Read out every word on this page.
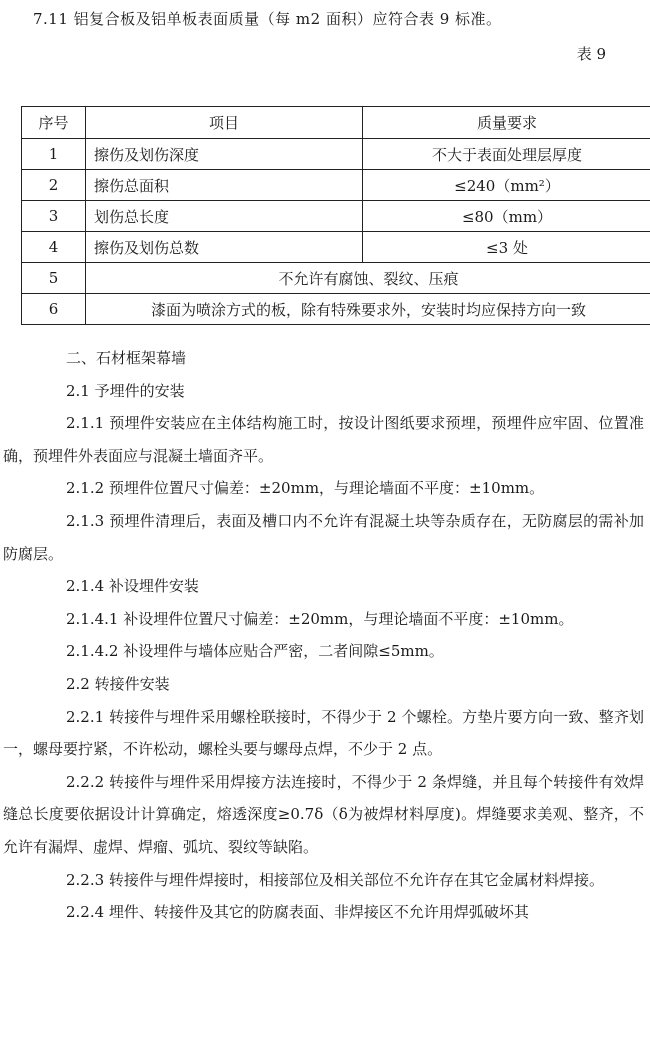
7.11 铝复合板及铝单板表面质量（每 m2 面积）应符合表 9 标准。
表 9
序号	项目	质量要求
1	擦伤及划伤深度	不大于表面处理层厚度
2	擦伤总面积	≤240（mm²）
3	划伤总长度	≤80（mm）
4	擦伤及划伤总数	≤3 处
5	不允许有腐蚀、裂纹、压痕	
6	漆面为喷涂方式的板，除有特殊要求外，安装时均应保持方向一致	

二、石材框架幕墙

2.1 予埋件的安装

2.1.1 预埋件安装应在主体结构施工时，按设计图纸要求预埋，预埋件应牢固、位置准确，预埋件外表面应与混凝土墙面齐平。

2.1.2 预埋件位置尺寸偏差：±20mm，与理论墙面不平度：±10mm。

2.1.3 预埋件清理后，表面及槽口内不允许有混凝土块等杂质存在，无防腐层的需补加防腐层。

2.1.4 补设埋件安装

2.1.4.1 补设埋件位置尺寸偏差：±20mm，与理论墙面不平度：±10mm。

2.1.4.2 补设埋件与墙体应贴合严密，二者间隙≤5mm。

2.2 转接件安装

2.2.1 转接件与埋件采用螺栓联接时，不得少于 2 个螺栓。方垫片要方向一致、整齐划一，螺母要拧紧，不许松动，螺栓头要与螺母点焊，不少于 2 点。

2.2.2 转接件与埋件采用焊接方法连接时，不得少于 2 条焊缝，并且每个转接件有效焊缝总长度要依据设计计算确定，熔透深度≥0.7δ（δ为被焊材料厚度)。焊缝要求美观、整齐，不允许有漏焊、虚焊、焊瘤、弧坑、裂纹等缺陷。

2.2.3 转接件与埋件焊接时，相接部位及相关部位不允许存在其它金属材料焊接。

2.2.4 埋件、转接件及其它的防腐表面、非焊接区不允许用焊弧破坏其
